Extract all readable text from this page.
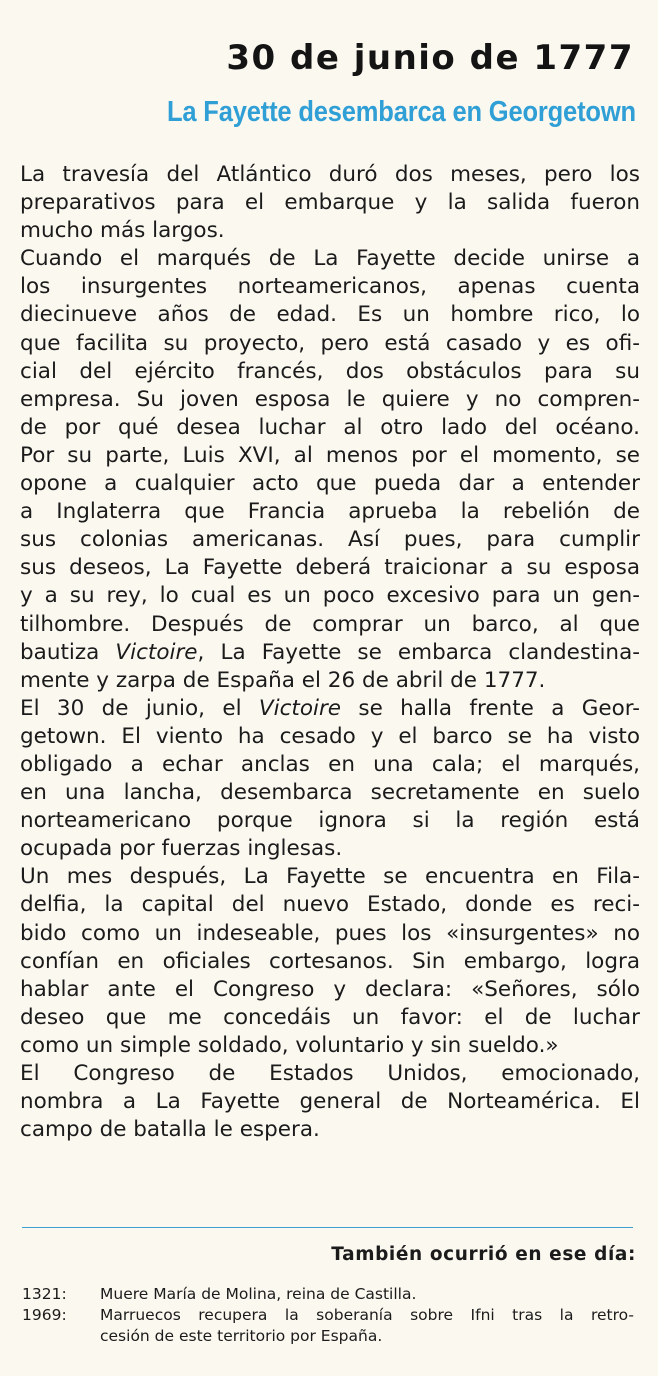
30 de junio de 1777
La Fayette desembarca en Georgetown
La travesía del Atlántico duró dos meses, pero los
preparativos para el embarque y la salida fueron
mucho más largos.
Cuando el marqués de La Fayette decide unirse a
los insurgentes norteamericanos, apenas cuenta
diecinueve años de edad. Es un hombre rico, lo
que facilita su proyecto, pero está casado y es ofi-
cial del ejército francés, dos obstáculos para su
empresa. Su joven esposa le quiere y no compren-
de por qué desea luchar al otro lado del océano.
Por su parte, Luis XVI, al menos por el momento, se
opone a cualquier acto que pueda dar a entender
a Inglaterra que Francia aprueba la rebelión de
sus colonias americanas. Así pues, para cumplir
sus deseos, La Fayette deberá traicionar a su esposa
y a su rey, lo cual es un poco excesivo para un gen-
tilhombre. Después de comprar un barco, al que
bautiza Victoire, La Fayette se embarca clandestina-
mente y zarpa de España el 26 de abril de 1777.
El 30 de junio, el Victoire se halla frente a Geor-
getown. El viento ha cesado y el barco se ha visto
obligado a echar anclas en una cala; el marqués,
en una lancha, desembarca secretamente en suelo
norteamericano porque ignora si la región está
ocupada por fuerzas inglesas.
Un mes después, La Fayette se encuentra en Fila-
delfia, la capital del nuevo Estado, donde es reci-
bido como un indeseable, pues los «insurgentes» no
confían en oficiales cortesanos. Sin embargo, logra
hablar ante el Congreso y declara: «Señores, sólo
deseo que me concedáis un favor: el de luchar
como un simple soldado, voluntario y sin sueldo.»
El Congreso de Estados Unidos, emocionado,
nombra a La Fayette general de Norteamérica. El
campo de batalla le espera.
También ocurrió en ese día:
1321:	Muere María de Molina, reina de Castilla.
1969:	Marruecos recupera la soberanía sobre Ifni tras la retro-
cesión de este territorio por España.
